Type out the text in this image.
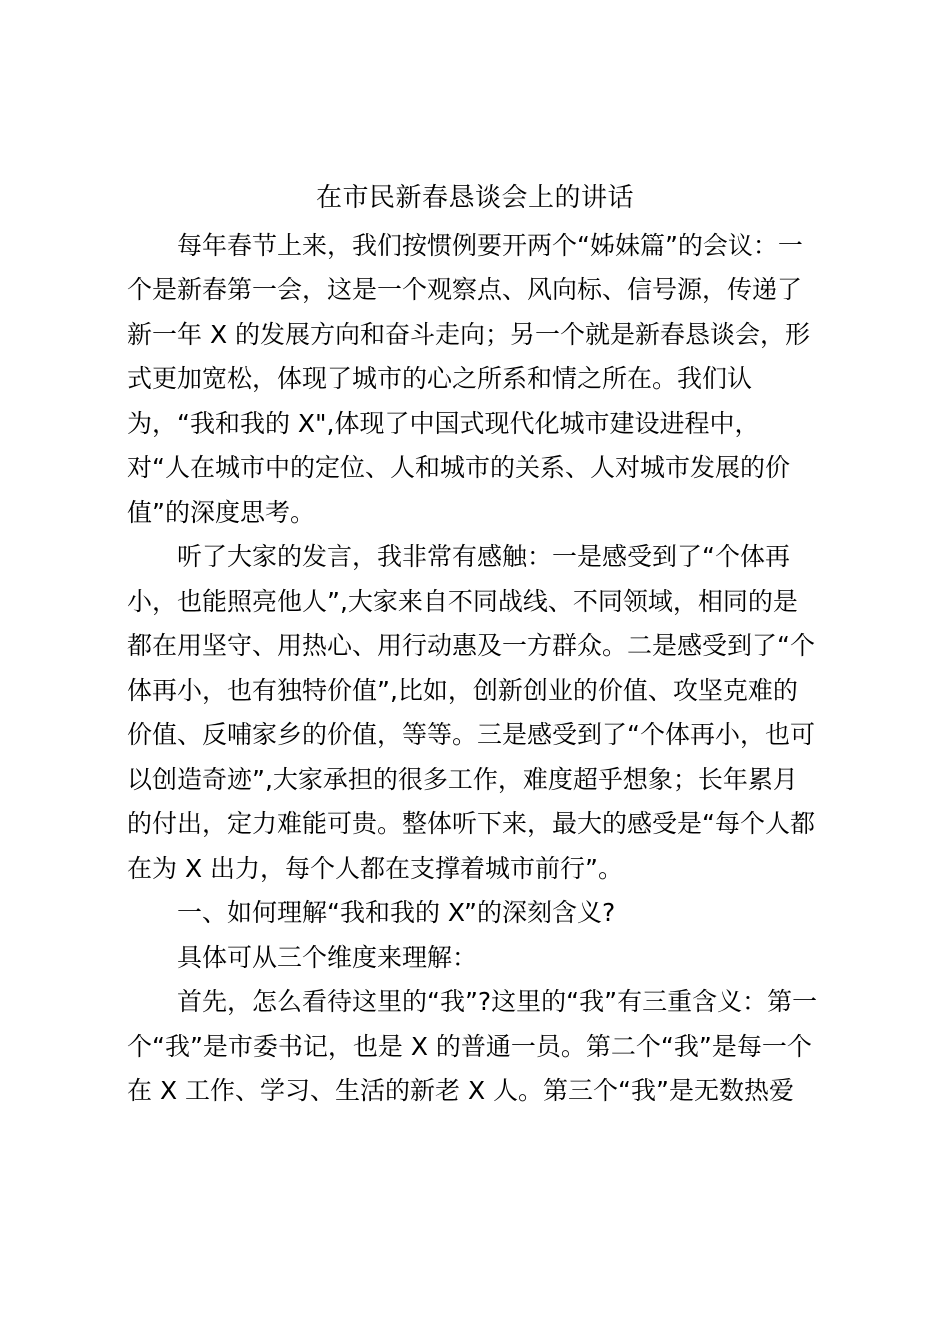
在市民新春恳谈会上的讲话
　　每年春节上来，我们按惯例要开两个“姊妹篇”的会议：一
个是新春第一会，这是一个观察点、风向标、信号源，传递了
新一年 X 的发展方向和奋斗走向；另一个就是新春恳谈会，形
式更加宽松，体现了城市的心之所系和情之所在。我们认
为，“我和我的 X",体现了中国式现代化城市建设进程中，
对“人在城市中的定位、人和城市的关系、人对城市发展的价
值”的深度思考。
　　听了大家的发言，我非常有感触：一是感受到了“个体再
小，也能照亮他人”,大家来自不同战线、不同领域，相同的是
都在用坚守、用热心、用行动惠及一方群众。二是感受到了“个
体再小，也有独特价值”,比如，创新创业的价值、攻坚克难的
价值、反哺家乡的价值，等等。三是感受到了“个体再小，也可
以创造奇迹”,大家承担的很多工作，难度超乎想象；长年累月
的付出，定力难能可贵。整体听下来，最大的感受是“每个人都
在为 X 出力，每个人都在支撑着城市前行”。
　　一、如何理解“我和我的 X”的深刻含义?
　　具体可从三个维度来理解：
　　首先，怎么看待这里的“我”?这里的“我”有三重含义：第一
个“我”是市委书记，也是 X 的普通一员。第二个“我”是每一个
在 X 工作、学习、生活的新老 X 人。第三个“我”是无数热爱
